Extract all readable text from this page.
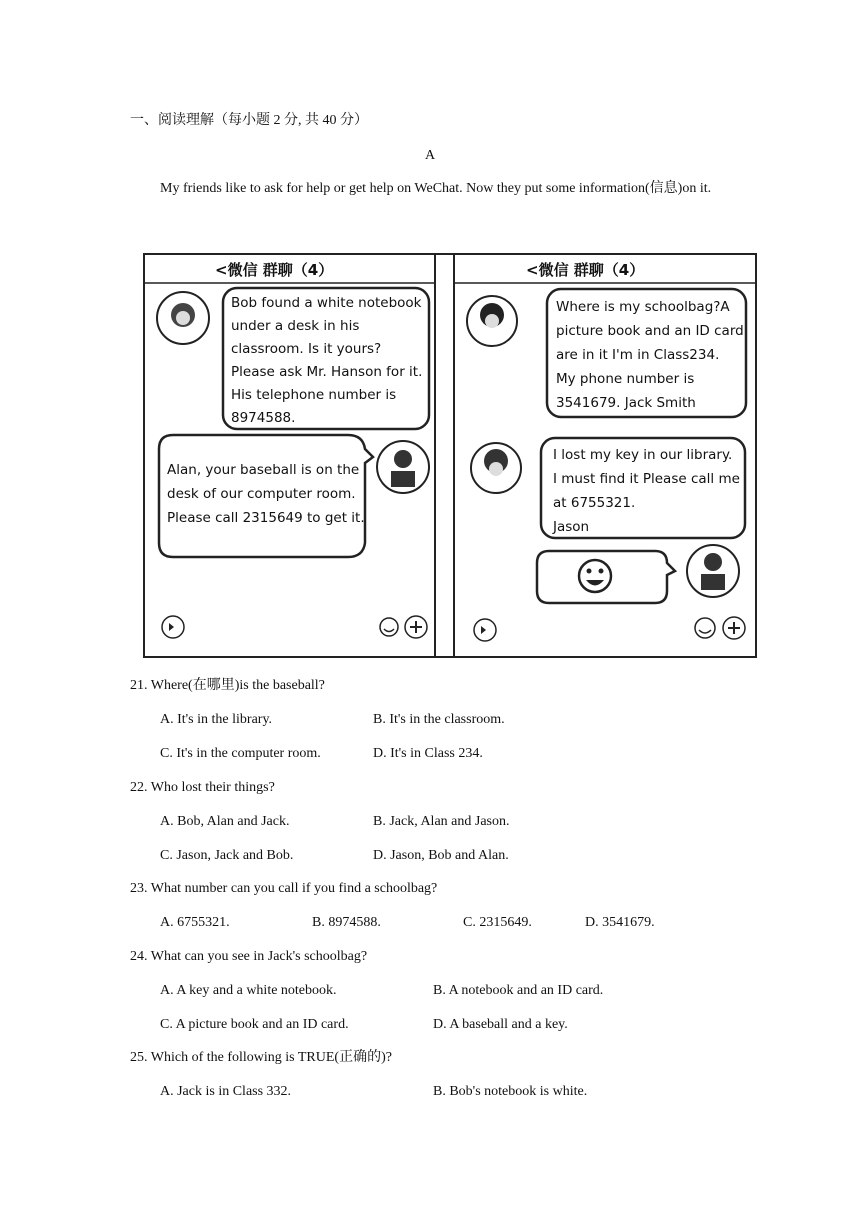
一、阅读理解（每小题 2 分, 共 40 分）
A
My friends like to ask for help or get help on WeChat. Now they put some information(信息)on it.
<微信 群聊（4）	<微信 群聊（4）
Bob found a white notebook under a desk in his classroom. Is it yours? Please ask Mr. Hanson for it. His telephone number is 8974588.
Alan, your baseball is on the desk of our computer room. Please call 2315649 to get it.
Where is my schoolbag?A picture book and an ID card are in it I'm in Class234. My phone number is 3541679. Jack Smith
I lost my key in our library. I must find it Please call me at 6755321. Jason
21. Where(在哪里)is the baseball?
A. It's in the library.	B. It's in the classroom.
C. It's in the computer room.	D. It's in Class 234.
22. Who lost their things?
A. Bob, Alan and Jack.	B. Jack, Alan and Jason.
C. Jason, Jack and Bob.	D. Jason, Bob and Alan.
23. What number can you call if you find a schoolbag?
A. 6755321.	B. 8974588.	C. 2315649.	D. 3541679.
24. What can you see in Jack's schoolbag?
A. A key and a white notebook.	B. A notebook and an ID card.
C. A picture book and an ID card.	D. A baseball and a key.
25. Which of the following is TRUE(正确的)?
A. Jack is in Class 332.	B. Bob's notebook is white.
